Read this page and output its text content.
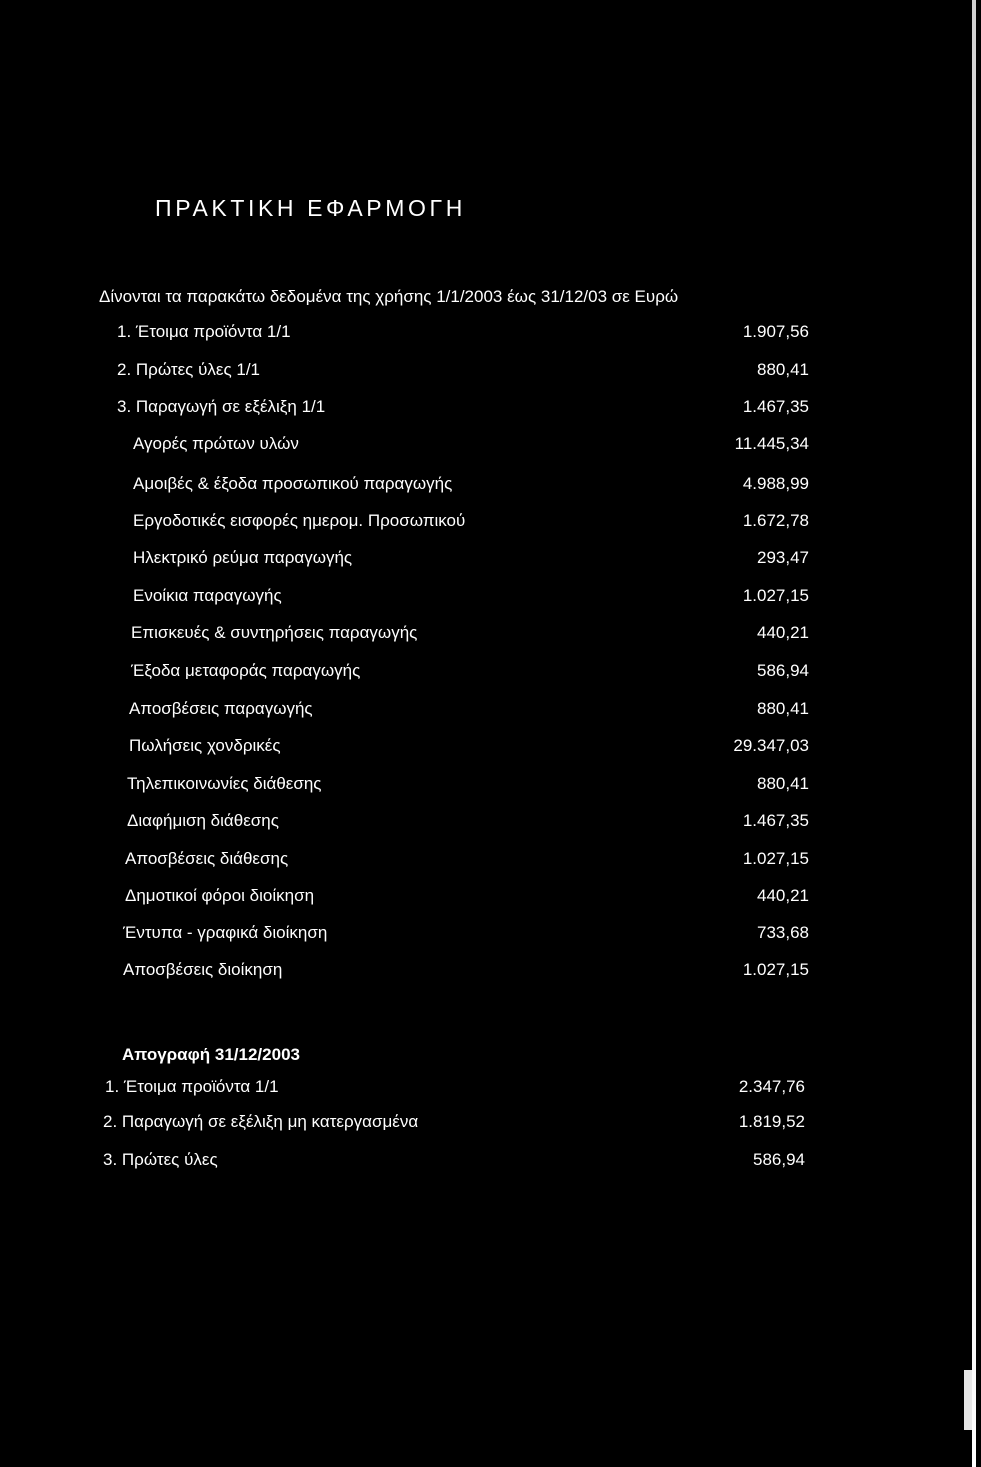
ΠΡΑΚΤΙΚΗ ΕΦΑΡΜΟΓΗ
Δίνονται τα παρακάτω δεδομένα της χρήσης 1/1/2003 έως 31/12/03 σε Ευρώ
1. Έτοιμα προϊόντα 1/1	1.907,56
2. Πρώτες ύλες 1/1	880,41
3. Παραγωγή σε εξέλιξη 1/1	1.467,35
Αγορές πρώτων υλών	11.445,34
Αμοιβές & έξοδα προσωπικού παραγωγής	4.988,99
Εργοδοτικές εισφορές ημερομ. Προσωπικού	1.672,78
Ηλεκτρικό ρεύμα παραγωγής	293,47
Ενοίκια παραγωγής	1.027,15
Επισκευές & συντηρήσεις παραγωγής	440,21
Έξοδα μεταφοράς παραγωγής	586,94
Αποσβέσεις παραγωγής	880,41
Πωλήσεις χονδρικές	29.347,03
Τηλεπικοινωνίες διάθεσης	880,41
Διαφήμιση διάθεσης	1.467,35
Αποσβέσεις διάθεσης	1.027,15
Δημοτικοί φόροι διοίκηση	440,21
Έντυπα - γραφικά διοίκηση	733,68
Αποσβέσεις διοίκηση	1.027,15
Απογραφή 31/12/2003
1. Έτοιμα προϊόντα 1/1	2.347,76
2. Παραγωγή σε εξέλιξη μη κατεργασμένα	1.819,52
3. Πρώτες ύλες	586,94
